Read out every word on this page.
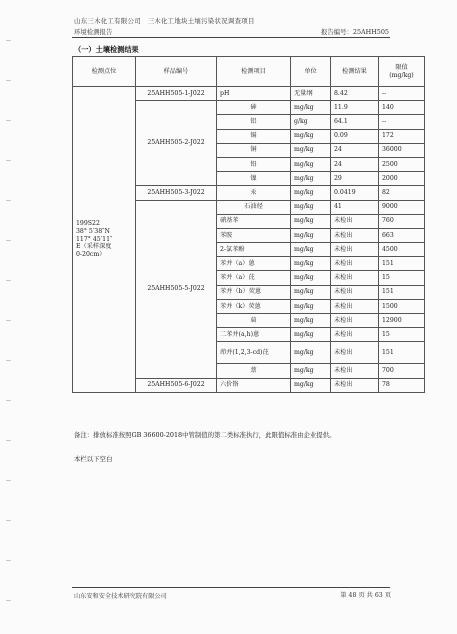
山东三木化工有限公司　三木化工地块土壤污染状况调查项目
环境检测报告	报告编号：25AHH505
（一）土壤检测结果
检测点位	样品编号	检测项目	单位	检测结果	限值
(mg/kg)
199S22
38° 5′38″N
117° 45′11″
E（采样深度
0-20cm）	25AHH505-1-J022	pH	无量纲	8.42	--
	25AHH505-2-J022	砷	mg/kg	11.9	140
		铝	g/kg	64.1	--
		镉	mg/kg	0.09	172
		铜	mg/kg	24	36000
		铅	mg/kg	24	2500
		镍	mg/kg	29	2000
	25AHH505-3-J022	汞	mg/kg	0.0419	82
	25AHH505-5-J022	石油烃	mg/kg	41	9000
		硝基苯	mg/kg	未检出	760
		苯胺	mg/kg	未检出	663
		2-氯苯酚	mg/kg	未检出	4500
		苯并（a）蒽	mg/kg	未检出	151
		苯并（a）芘	mg/kg	未检出	15
		苯并（b）荧蒽	mg/kg	未检出	151
		苯并（k）荧蒽	mg/kg	未检出	1500
		䓛	mg/kg	未检出	12900
		二苯并(a,h)蒽	mg/kg	未检出	15
		茚并(1,2,3-cd)芘	mg/kg	未检出	151
		萘	mg/kg	未检出	700
	25AHH505-6-J022	六价铬	mg/kg	未检出	78
备注：排放标准按照GB 36600-2018中管制值的第二类标准执行，此限值标准由企业提供。
本栏以下空白
山东安和安全技术研究院有限公司	第 48 页 共 63 页
